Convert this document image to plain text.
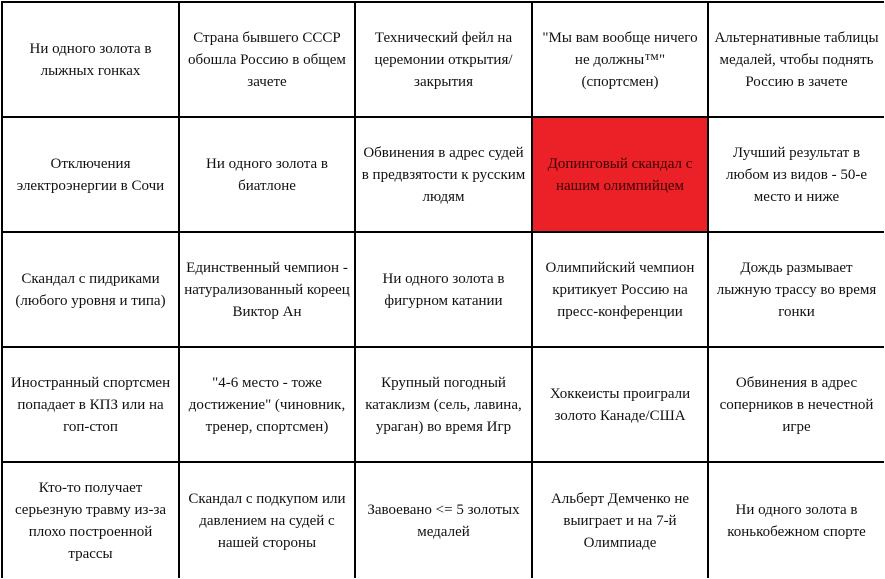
Ни одного золота в лыжных гонках
Страна бывшего СССР обошла Россию в общем зачете
Технический фейл на церемонии открытия/закрытия
"Мы вам вообще ничего не должны™" (спортсмен)
Альтернативные таблицы медалей, чтобы поднять Россию в зачете
Отключения электроэнергии в Сочи
Ни одного золота в биатлоне
Обвинения в адрес судей в предвзятости к русским людям
Допинговый скандал с нашим олимпийцем
Лучший результат в любом из видов - 50-е место и ниже
Скандал с пидриками (любого уровня и типа)
Единственный чемпион - натурализованный кореец Виктор Ан
Ни одного золота в фигурном катании
Олимпийский чемпион критикует Россию на пресс-конференции
Дождь размывает лыжную трассу во время гонки
Иностранный спортсмен попадает в КПЗ или на гоп-стоп
"4-6 место - тоже достижение" (чиновник, тренер, спортсмен)
Крупный погодный катаклизм (сель, лавина, ураган) во время Игр
Хоккеисты проиграли золото Канаде/США
Обвинения в адрес соперников в нечестной игре
Кто-то получает серьезную травму из-за плохо построенной трассы
Скандал с подкупом или давлением на судей с нашей стороны
Завоевано <= 5 золотых медалей
Альберт Демченко не выиграет и на 7-й Олимпиаде
Ни одного золота в конькобежном спорте
